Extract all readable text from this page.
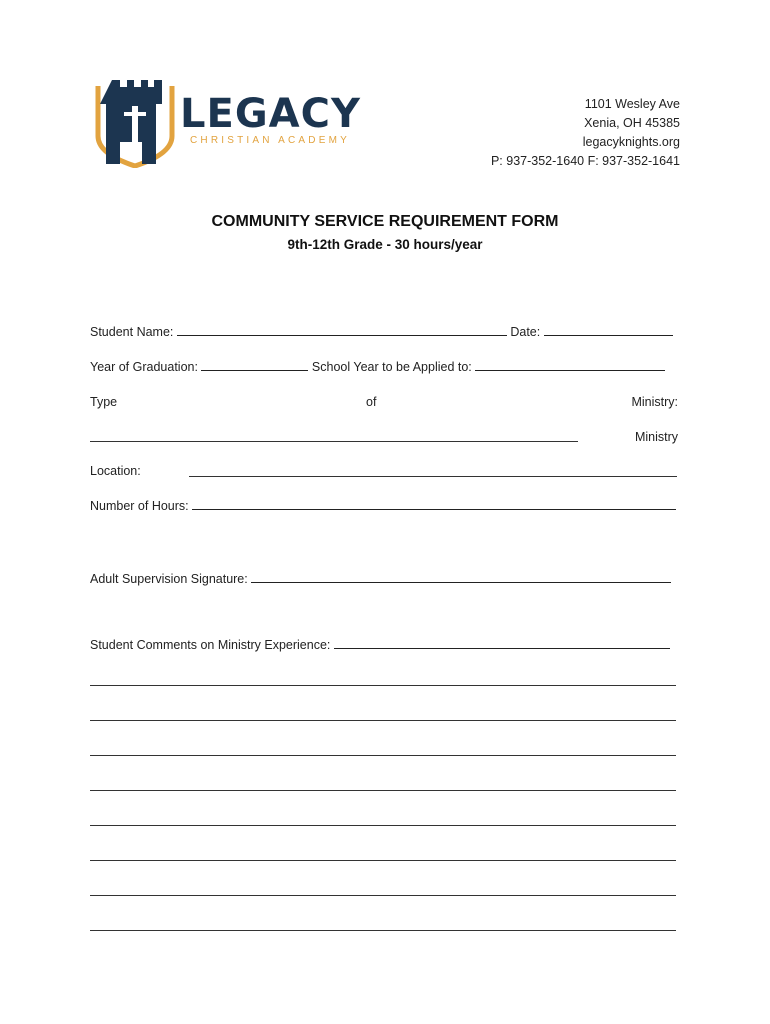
LEGACY
CHRISTIAN ACADEMY
1101 Wesley Ave
Xenia, OH 45385
legacyknights.org
P: 937-352-1640 F: 937-352-1641
COMMUNITY SERVICE REQUIREMENT FORM
9th-12th Grade - 30 hours/year
Student Name:	Date:
Year of Graduation:	School Year to be Applied to:
Type	of	Ministry:
Ministry
Location:
Number of Hours:
Adult Supervision Signature:
Student Comments on Ministry Experience:
